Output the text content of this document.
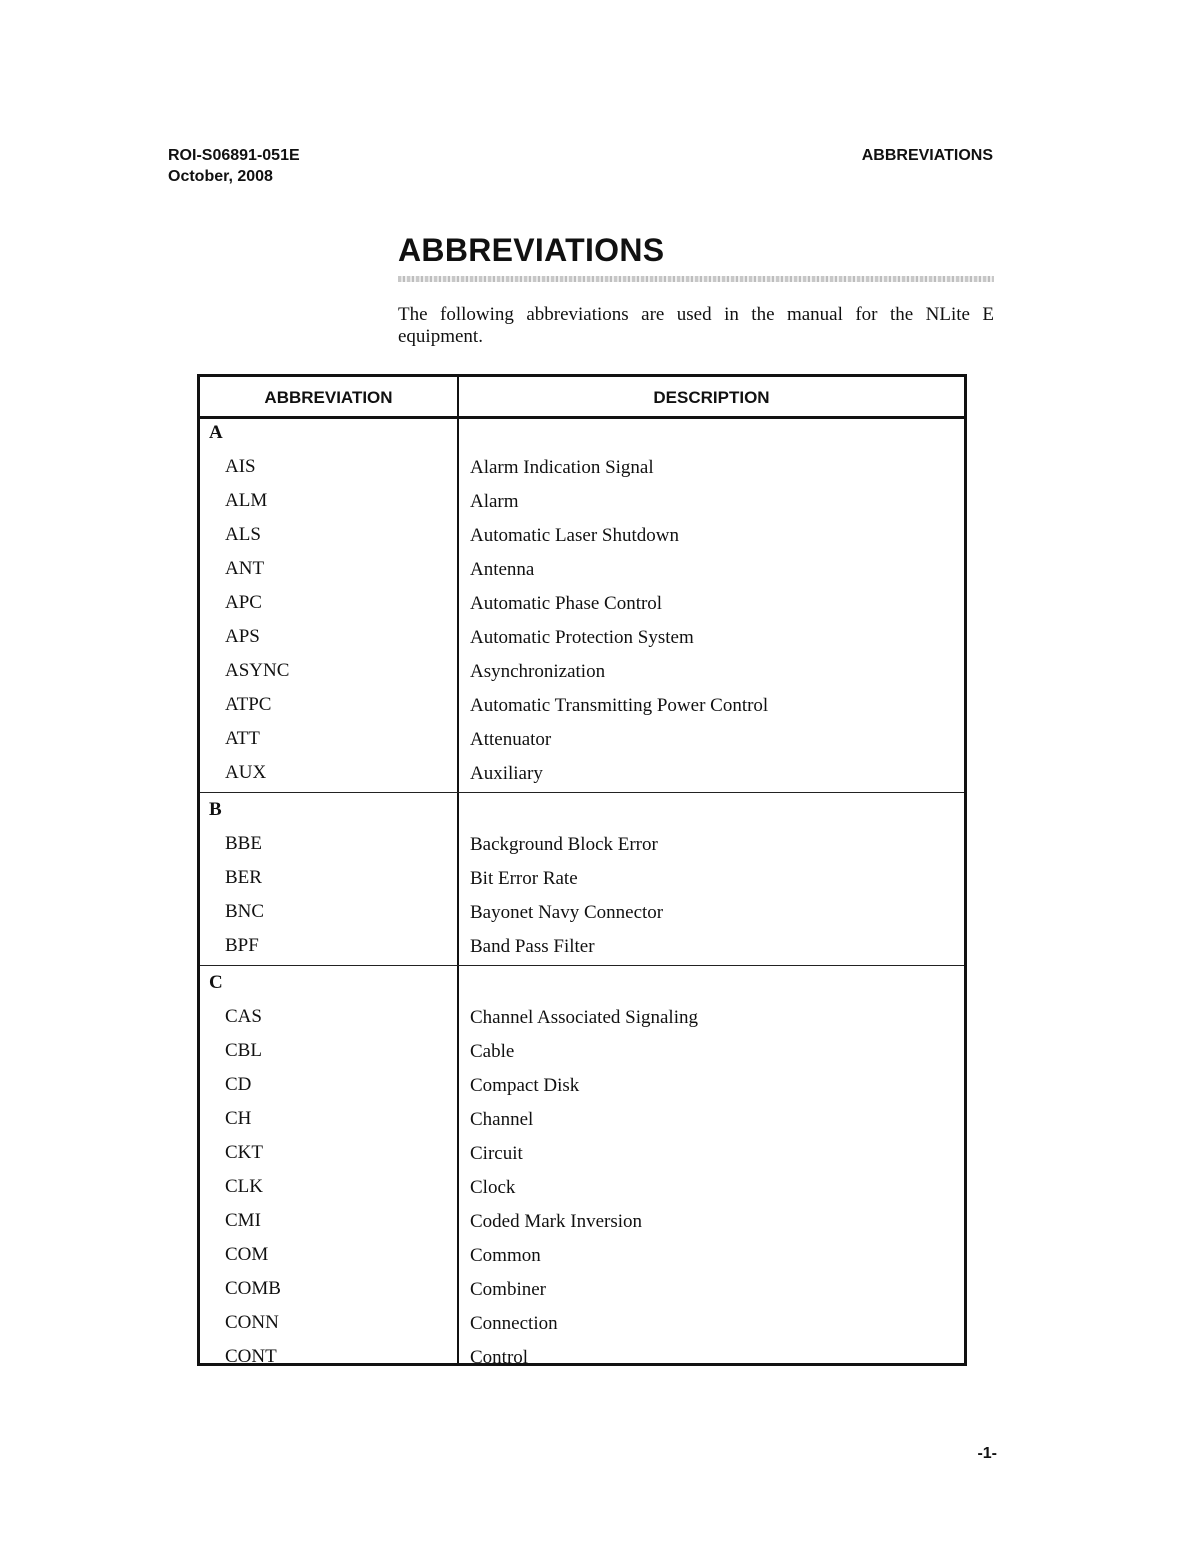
ROI-S06891-051E
October, 2008
ABBREVIATIONS
ABBREVIATIONS

The following abbreviations are used in the manual for the NLite E equipment.

ABBREVIATION	DESCRIPTION
A
AIS	Alarm Indication Signal
ALM	Alarm
ALS	Automatic Laser Shutdown
ANT	Antenna
APC	Automatic Phase Control
APS	Automatic Protection System
ASYNC	Asynchronization
ATPC	Automatic Transmitting Power Control
ATT	Attenuator
AUX	Auxiliary
B
BBE	Background Block Error
BER	Bit Error Rate
BNC	Bayonet Navy Connector
BPF	Band Pass Filter
C
CAS	Channel Associated Signaling
CBL	Cable
CD	Compact Disk
CH	Channel
CKT	Circuit
CLK	Clock
CMI	Coded Mark Inversion
COM	Common
COMB	Combiner
CONN	Connection
CONT	Control
-1-
